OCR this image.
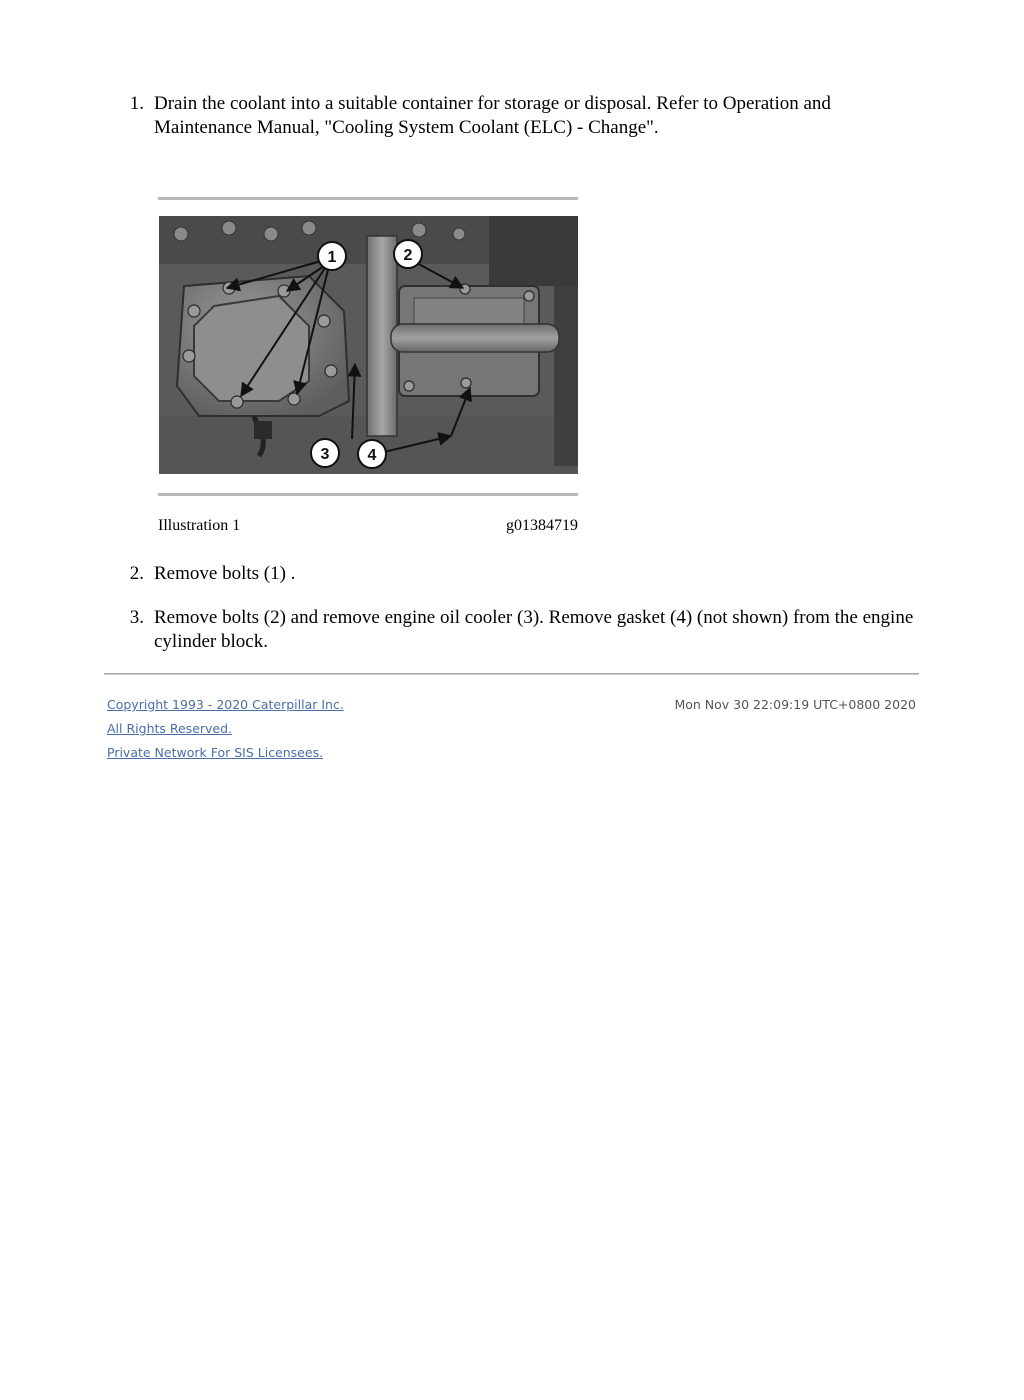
1. Drain the coolant into a suitable container for storage or disposal. Refer to Operation and Maintenance Manual, "Cooling System Coolant (ELC) - Change".
1	2
3 4
Illustration 1	g01384719
2. Remove bolts (1) .
3. Remove bolts (2) and remove engine oil cooler (3). Remove gasket (4) (not shown) from the engine cylinder block.
Copyright 1993 - 2020 Caterpillar Inc.
All Rights Reserved.
Private Network For SIS Licensees.
Mon Nov 30 22:09:19 UTC+0800 2020
